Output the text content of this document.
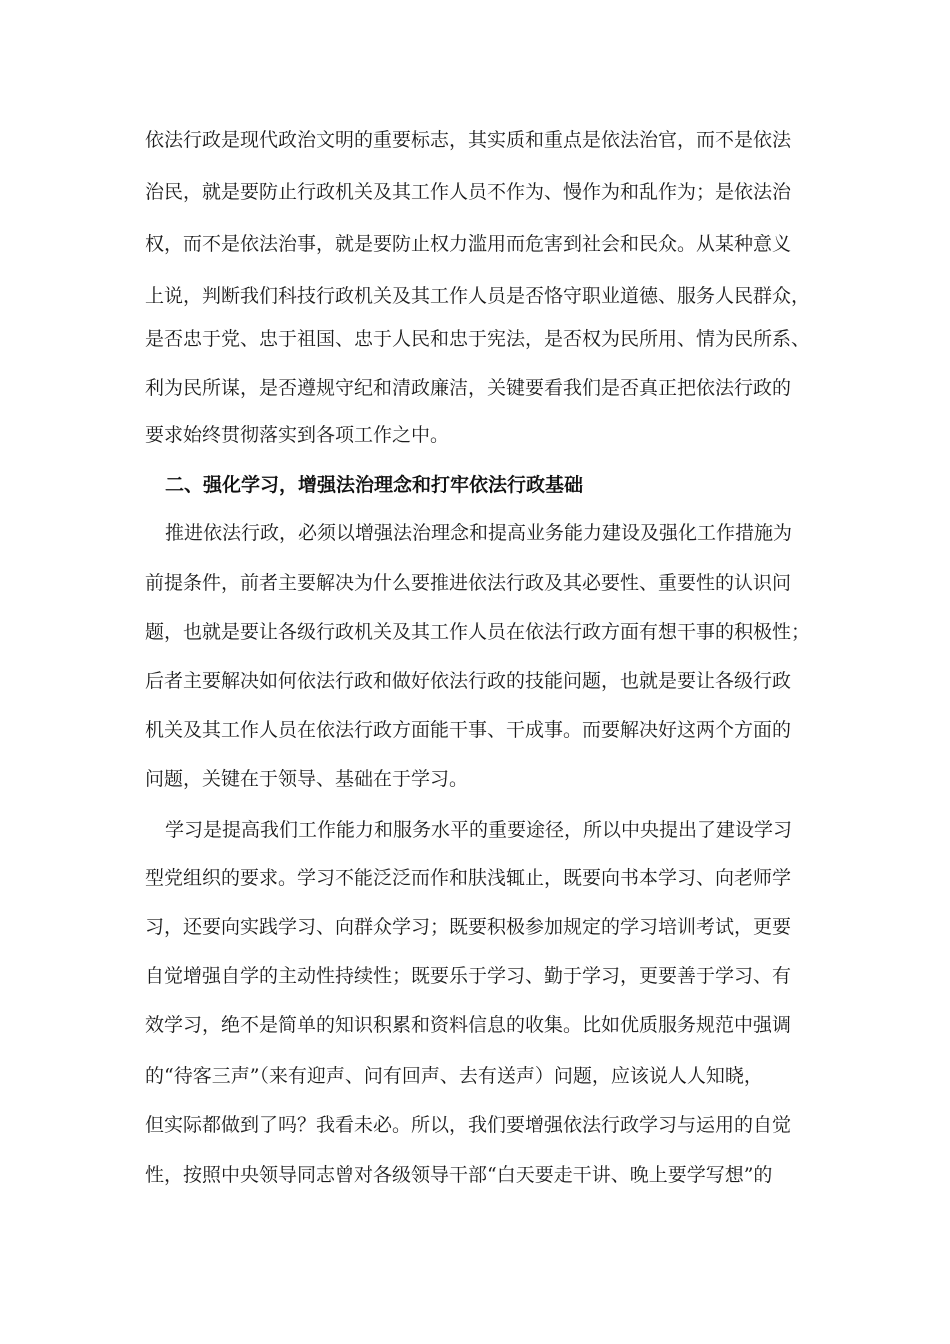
依法行政是现代政治文明的重要标志，其实质和重点是依法治官，而不是依法
治民，就是要防止行政机关及其工作人员不作为、慢作为和乱作为；是依法治
权，而不是依法治事，就是要防止权力滥用而危害到社会和民众。从某种意义
上说，判断我们科技行政机关及其工作人员是否恪守职业道德、服务人民群众，
是否忠于党、忠于祖国、忠于人民和忠于宪法，是否权为民所用、情为民所系、
利为民所谋，是否遵规守纪和清政廉洁，关键要看我们是否真正把依法行政的
要求始终贯彻落实到各项工作之中。
二、强化学习，增强法治理念和打牢依法行政基础
推进依法行政，必须以增强法治理念和提高业务能力建设及强化工作措施为
前提条件，前者主要解决为什么要推进依法行政及其必要性、重要性的认识问
题，也就是要让各级行政机关及其工作人员在依法行政方面有想干事的积极性；
后者主要解决如何依法行政和做好依法行政的技能问题，也就是要让各级行政
机关及其工作人员在依法行政方面能干事、干成事。而要解决好这两个方面的
问题，关键在于领导、基础在于学习。
学习是提高我们工作能力和服务水平的重要途径，所以中央提出了建设学习
型党组织的要求。学习不能泛泛而作和肤浅辄止，既要向书本学习、向老师学
习，还要向实践学习、向群众学习；既要积极参加规定的学习培训考试，更要
自觉增强自学的主动性持续性；既要乐于学习、勤于学习，更要善于学习、有
效学习，绝不是简单的知识积累和资料信息的收集。比如优质服务规范中强调
的“待客三声”（来有迎声、问有回声、去有送声）问题，应该说人人知晓，
但实际都做到了吗？我看未必。所以，我们要增强依法行政学习与运用的自觉
性，按照中央领导同志曾对各级领导干部“白天要走干讲、晚上要学写想”的
